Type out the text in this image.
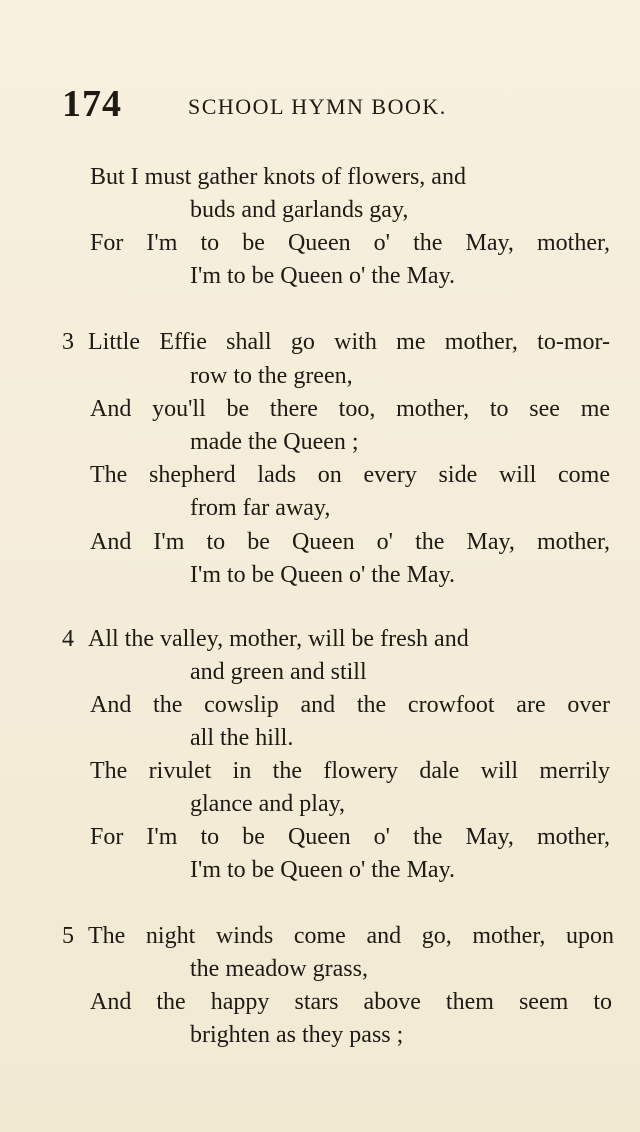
174	SCHOOL HYMN BOOK.
But I must gather knots of flowers, and
buds and garlands gay,
For I'm to be Queen o' the May, mother,
I'm to be Queen o' the May.
3 Little Effie shall go with me mother, to-mor-
row to the green,
And you'll be there too, mother, to see me
made the Queen ;
The shepherd lads on every side will come
from far away,
And I'm to be Queen o' the May, mother,
I'm to be Queen o' the May.
4 All the valley, mother, will be fresh and
and green and still
And the cowslip and the crowfoot are over
all the hill.
The rivulet in the flowery dale will merrily
glance and play,
For I'm to be Queen o' the May, mother,
I'm to be Queen o' the May.
5 The night winds come and go, mother, upon
the meadow grass,
And the happy stars above them seem to
brighten as they pass ;
